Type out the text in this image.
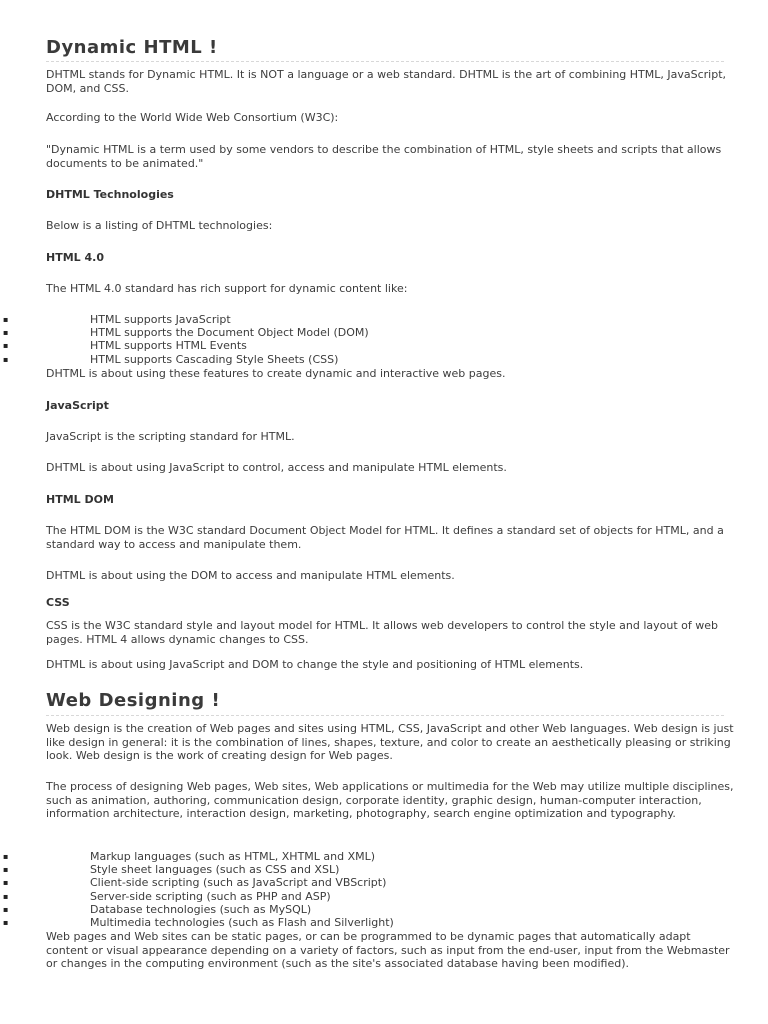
Dynamic HTML !

DHTML stands for Dynamic HTML. It is NOT a language or a web standard. DHTML is the art of combining HTML, JavaScript, DOM, and CSS.

According to the World Wide Web Consortium (W3C):

"Dynamic HTML is a term used by some vendors to describe the combination of HTML, style sheets and scripts that allows documents to be animated."

DHTML Technologies

Below is a listing of DHTML technologies:

HTML 4.0

The HTML 4.0 standard has rich support for dynamic content like:

▪	HTML supports JavaScript
▪	HTML supports the Document Object Model (DOM)
▪	HTML supports HTML Events
▪	HTML supports Cascading Style Sheets (CSS)

DHTML is about using these features to create dynamic and interactive web pages.

JavaScript

JavaScript is the scripting standard for HTML.

DHTML is about using JavaScript to control, access and manipulate HTML elements.

HTML DOM

The HTML DOM is the W3C standard Document Object Model for HTML. It defines a standard set of objects for HTML, and a standard way to access and manipulate them.

DHTML is about using the DOM to access and manipulate HTML elements.

CSS

CSS is the W3C standard style and layout model for HTML. It allows web developers to control the style and layout of web pages. HTML 4 allows dynamic changes to CSS.

DHTML is about using JavaScript and DOM to change the style and positioning of HTML elements.

Web Designing !

Web design is the creation of Web pages and sites using HTML, CSS, JavaScript and other Web languages. Web design is just like design in general: it is the combination of lines, shapes, texture, and color to create an aesthetically pleasing or striking look. Web design is the work of creating design for Web pages.

The process of designing Web pages, Web sites, Web applications or multimedia for the Web may utilize multiple disciplines, such as animation, authoring, communication design, corporate identity, graphic design, human-computer interaction, information architecture, interaction design, marketing, photography, search engine optimization and typography.

▪	Markup languages (such as HTML, XHTML and XML)
▪	Style sheet languages (such as CSS and XSL)
▪	Client-side scripting (such as JavaScript and VBScript)
▪	Server-side scripting (such as PHP and ASP)
▪	Database technologies (such as MySQL)
▪	Multimedia technologies (such as Flash and Silverlight)

Web pages and Web sites can be static pages, or can be programmed to be dynamic pages that automatically adapt content or visual appearance depending on a variety of factors, such as input from the end-user, input from the Webmaster or changes in the computing environment (such as the site's associated database having been modified).
